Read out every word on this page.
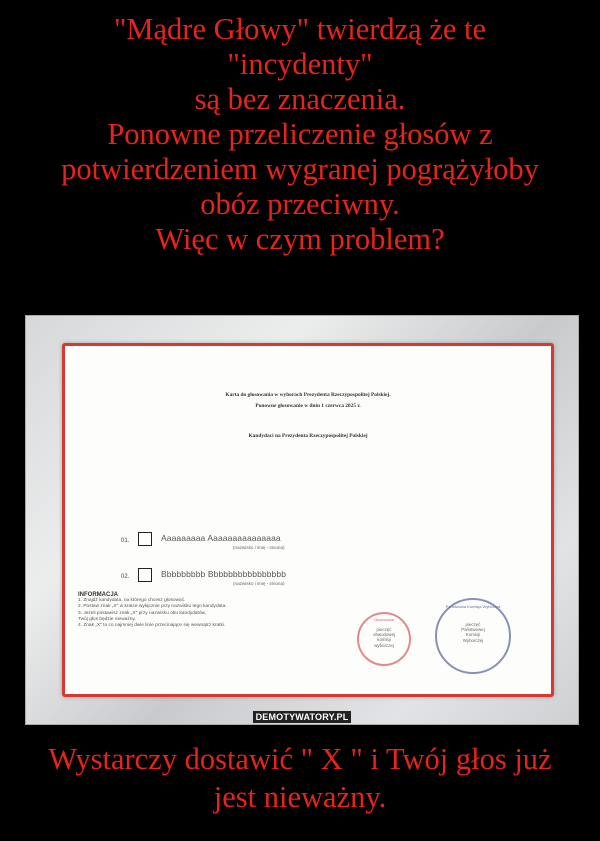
"Mądre Głowy" twierdzą że te
"incydenty"
są bez znaczenia.
Ponowne przeliczenie głosów z
potwierdzeniem wygranej pogrążyłoby
obóz przeciwny.
Więc w czym problem?
Karta do głosowania w wyborach Prezydenta Rzeczypospolitej Polskiej.
Ponowne głosowanie w dniu 1 czerwca 2025 r.
Kandydaci na Prezydenta Rzeczypospolitej Polskiej
01.	Aaaaaaaaa Aaaaaaaaaaaaaaa
(nazwisko i imię - imiona)
02.	Bbbbbbbbb Bbbbbbbbbbbbbbbb
(nazwisko i imię - imiona)
INFORMACJA
1. Znajdź kandydata, na którego chcesz głosować.
2. Postaw znak „X" w kratce wyłącznie przy nazwisku tego kandydata.
3. Jeżeli postawisz znak „X" przy nazwisku obu kandydatów,
Twój głos będzie nieważny.
4. Znak „X" to co najmniej dwie linie przecinające się wewnątrz kratki.
Obwodowa
pieczęć
obwodowej
komisji
wyborczej
Państwowa Komisja Wyborcza
pieczęć
Państwowej
Komisji
Wyborczej
DEMOTYWATORY.PL
Wystarczy dostawić " X " i Twój głos już
jest nieważny.
